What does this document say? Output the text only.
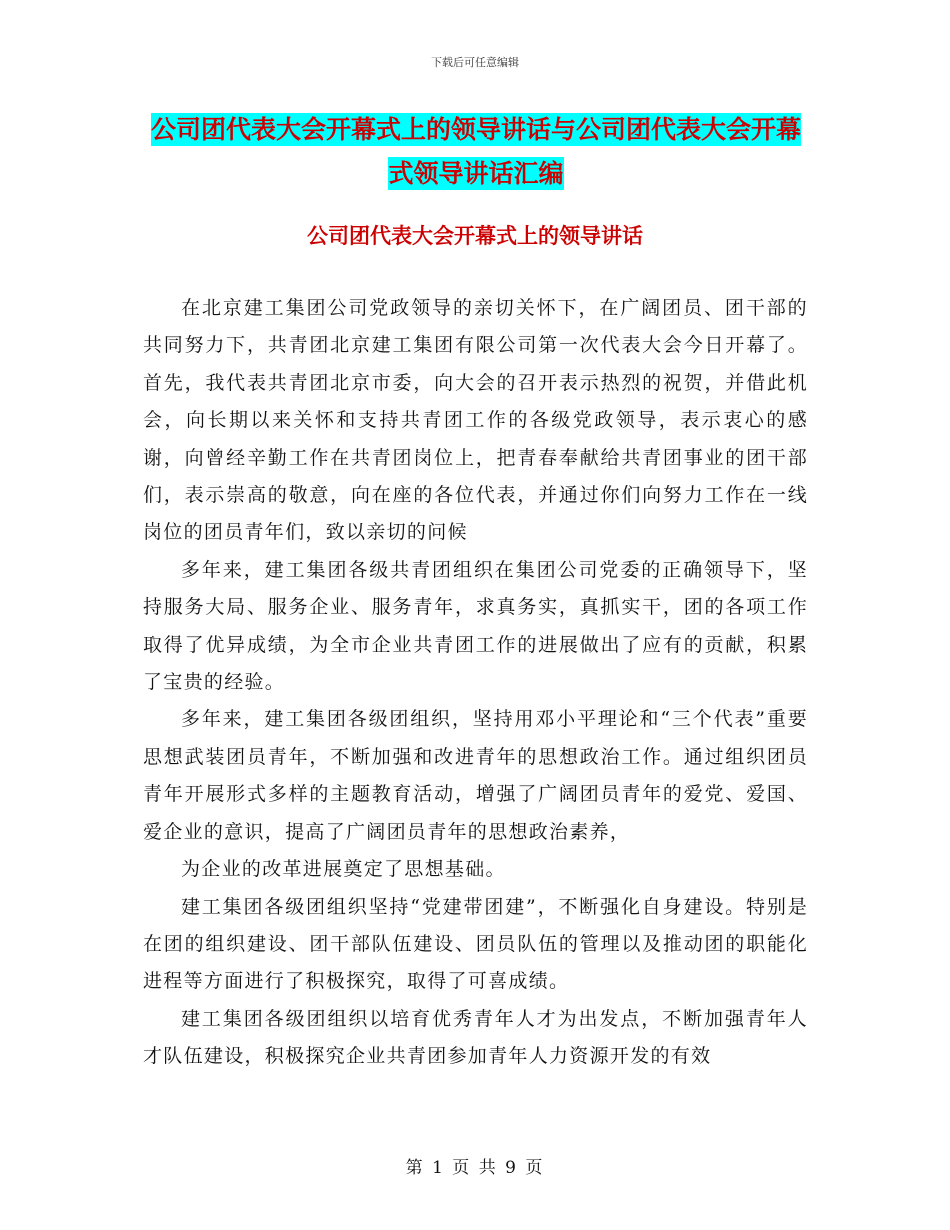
下载后可任意编辑
公司团代表大会开幕式上的领导讲话与公司团代表大会开幕式领导讲话汇编
公司团代表大会开幕式上的领导讲话

在北京建工集团公司党政领导的亲切关怀下，在广阔团员、团干部的共同努力下，共青团北京建工集团有限公司第一次代表大会今日开幕了。首先，我代表共青团北京市委，向大会的召开表示热烈的祝贺，并借此机会，向长期以来关怀和支持共青团工作的各级党政领导，表示衷心的感谢，向曾经辛勤工作在共青团岗位上，把青春奉献给共青团事业的团干部们，表示崇高的敬意，向在座的各位代表，并通过你们向努力工作在一线岗位的团员青年们，致以亲切的问候

多年来，建工集团各级共青团组织在集团公司党委的正确领导下，坚持服务大局、服务企业、服务青年，求真务实，真抓实干，团的各项工作取得了优异成绩，为全市企业共青团工作的进展做出了应有的贡献，积累了宝贵的经验。

多年来，建工集团各级团组织，坚持用邓小平理论和“三个代表”重要思想武装团员青年，不断加强和改进青年的思想政治工作。通过组织团员青年开展形式多样的主题教育活动，增强了广阔团员青年的爱党、爱国、爱企业的意识，提高了广阔团员青年的思想政治素养，

为企业的改革进展奠定了思想基础。

建工集团各级团组织坚持“党建带团建”，不断强化自身建设。特别是在团的组织建设、团干部队伍建设、团员队伍的管理以及推动团的职能化进程等方面进行了积极探究，取得了可喜成绩。

建工集团各级团组织以培育优秀青年人才为出发点，不断加强青年人才队伍建设，积极探究企业共青团参加青年人力资源开发的有效

第 1 页 共 9 页
